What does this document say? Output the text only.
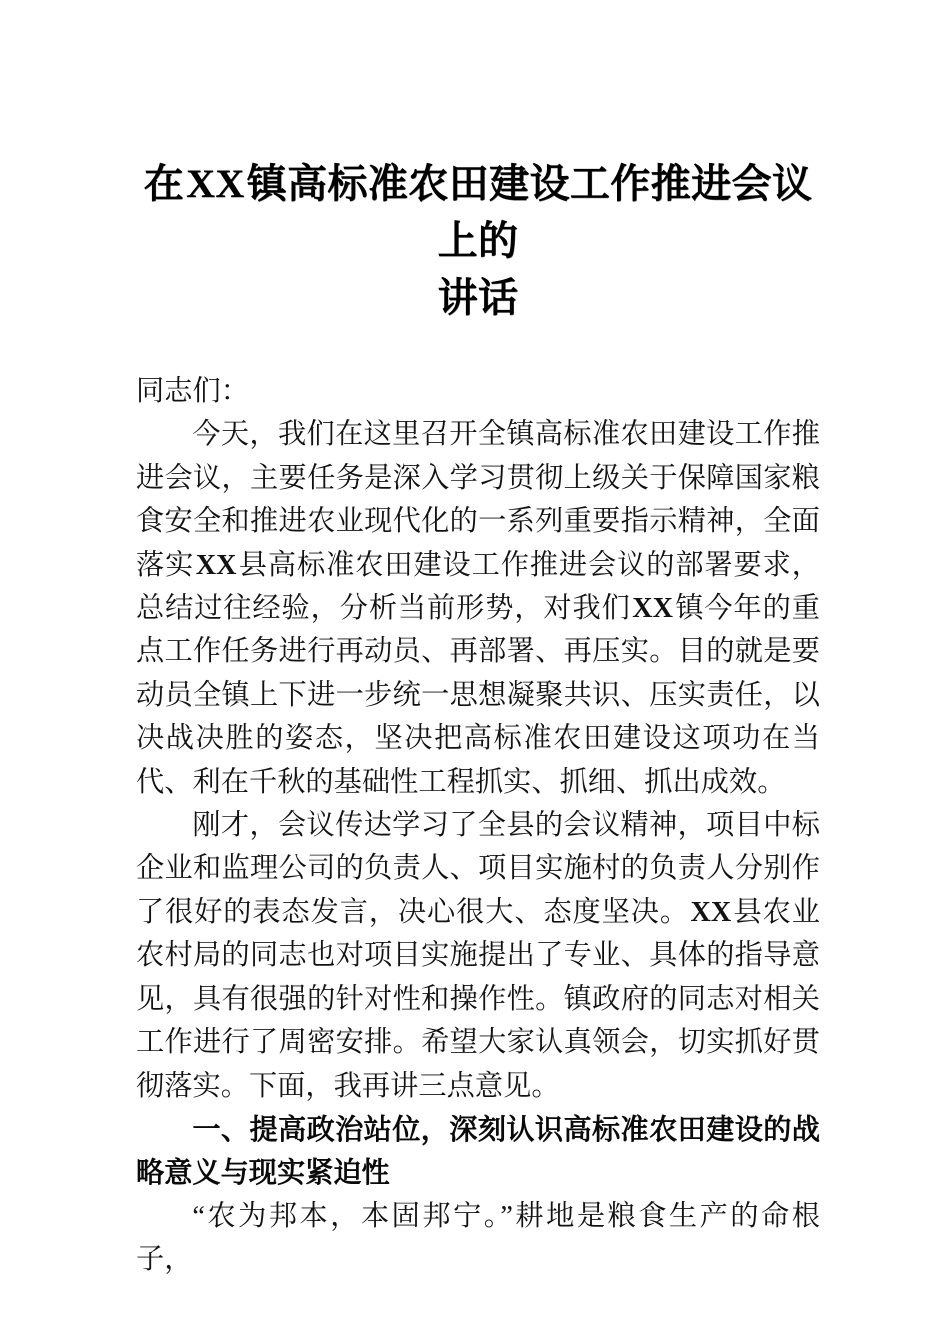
在XX镇高标准农田建设工作推进会议上的
讲话

同志们：

今天，我们在这里召开全镇高标准农田建设工作推进会议，主要任务是深入学习贯彻上级关于保障国家粮食安全和推进农业现代化的一系列重要指示精神，全面落实XX县高标准农田建设工作推进会议的部署要求，总结过往经验，分析当前形势，对我们XX镇今年的重点工作任务进行再动员、再部署、再压实。目的就是要动员全镇上下进一步统一思想凝聚共识、压实责任，以决战决胜的姿态，坚决把高标准农田建设这项功在当代、利在千秋的基础性工程抓实、抓细、抓出成效。

刚才，会议传达学习了全县的会议精神，项目中标企业和监理公司的负责人、项目实施村的负责人分别作了很好的表态发言，决心很大、态度坚决。XX县农业农村局的同志也对项目实施提出了专业、具体的指导意见，具有很强的针对性和操作性。镇政府的同志对相关工作进行了周密安排。希望大家认真领会，切实抓好贯彻落实。下面，我再讲三点意见。

一、提高政治站位，深刻认识高标准农田建设的战略意义与现实紧迫性

“农为邦本，本固邦宁。”耕地是粮食生产的命根子，
